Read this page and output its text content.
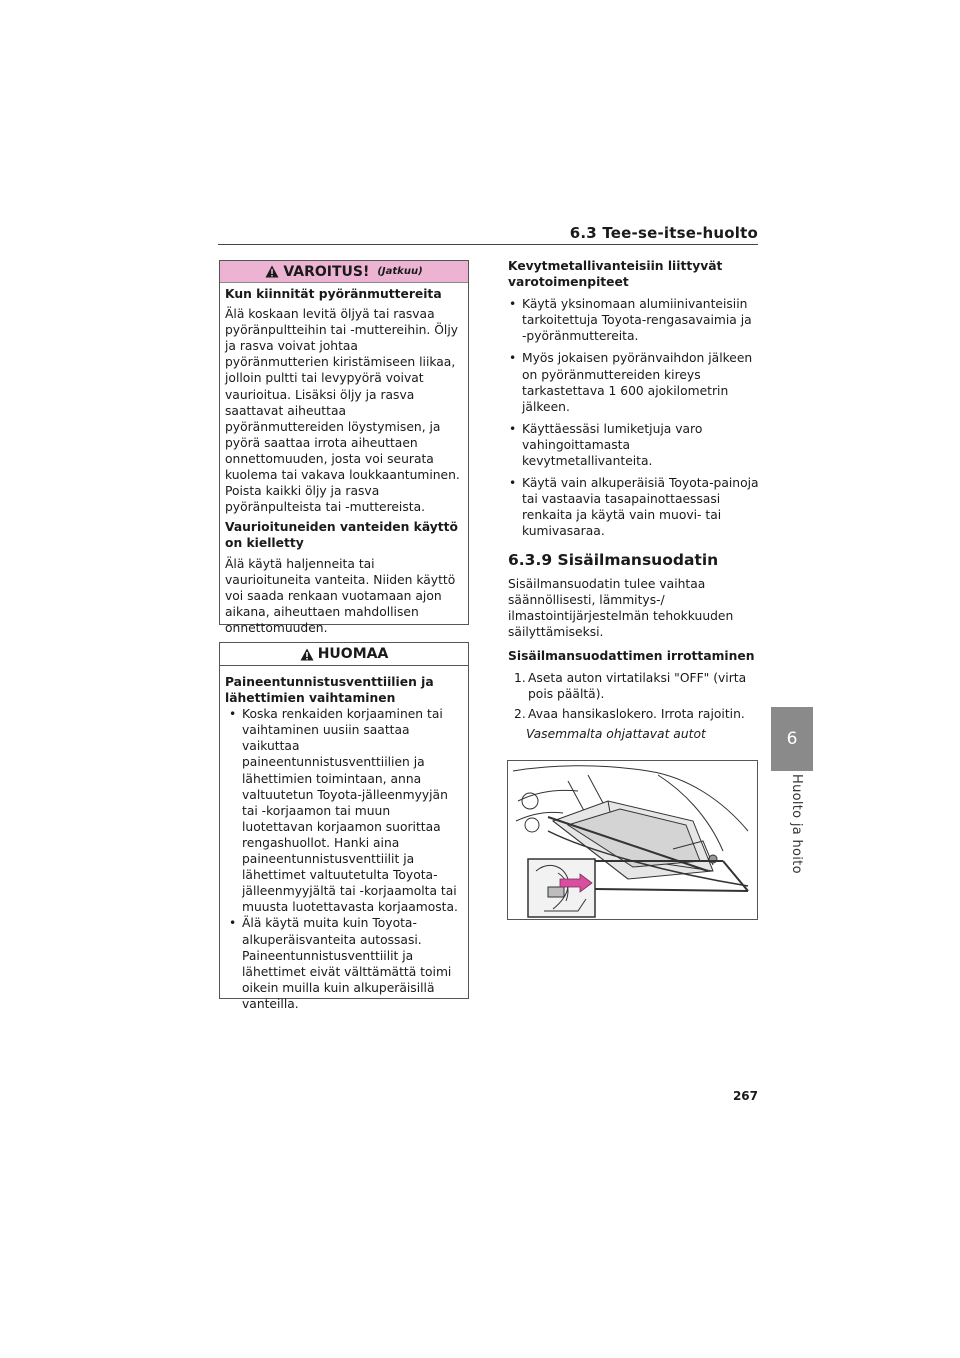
6.3 Tee-se-itse-huolto
6
Huolto ja hoito
VAROITUS! (Jatkuu)
Kun kiinnität pyöränmuttereita
Älä koskaan levitä öljyä tai rasvaa pyöränpultteihin tai -muttereihin. Öljy ja rasva voivat johtaa pyöränmutterien kiristämiseen liikaa, jolloin pultti tai levypyörä voivat vaurioitua. Lisäksi öljy ja rasva saattavat aiheuttaa pyöränmuttereiden löystymisen, ja pyörä saattaa irrota aiheuttaen onnettomuuden, josta voi seurata kuolema tai vakava loukkaantuminen. Poista kaikki öljy ja rasva pyöränpulteista tai -muttereista.
Vaurioituneiden vanteiden käyttö on kielletty
Älä käytä haljenneita tai vaurioituneita vanteita. Niiden käyttö voi saada renkaan vuotamaan ajon aikana, aiheuttaen mahdollisen onnettomuuden.
HUOMAA
Paineentunnistusventtiilien ja lähettimien vaihtaminen
• Koska renkaiden korjaaminen tai vaihtaminen uusiin saattaa vaikuttaa paineentunnistusventtiilien ja lähettimien toimintaan, anna valtuutetun Toyota-jälleenmyyjän tai -korjaamon tai muun luotettavan korjaamon suorittaa rengashuollot. Hanki aina paineentunnistusventtiilit ja lähettimet valtuutetulta Toyota-jälleenmyyjältä tai -korjaamolta tai muusta luotettavasta korjaamosta.
• Älä käytä muita kuin Toyota-alkuperäisvanteita autossasi. Paineentunnistusventtiilit ja lähettimet eivät välttämättä toimi oikein muilla kuin alkuperäisillä vanteilla.
Kevytmetallivanteisiin liittyvät varotoimenpiteet
• Käytä yksinomaan alumiinivanteisiin tarkoitettuja Toyota-rengasavaimia ja -pyöränmuttereita.
• Myös jokaisen pyöränvaihdon jälkeen on pyöränmuttereiden kireys tarkastettava 1 600 ajokilometrin jälkeen.
• Käyttäessäsi lumiketjuja varo vahingoittamasta kevytmetallivanteita.
• Käytä vain alkuperäisiä Toyota-painoja tai vastaavia tasapainottaessasi renkaita ja käytä vain muovi- tai kumivasaraa.
6.3.9 Sisäilmansuodatin
Sisäilmansuodatin tulee vaihtaa säännöllisesti, lämmitys-/ ilmastointijärjestelmän tehokkuuden säilyttämiseksi.
Sisäilmansuodattimen irrottaminen
1. Aseta auton virtatilaksi "OFF" (virta pois päältä).
2. Avaa hansikaslokero. Irrota rajoitin.
Vasemmalta ohjattavat autot
267
